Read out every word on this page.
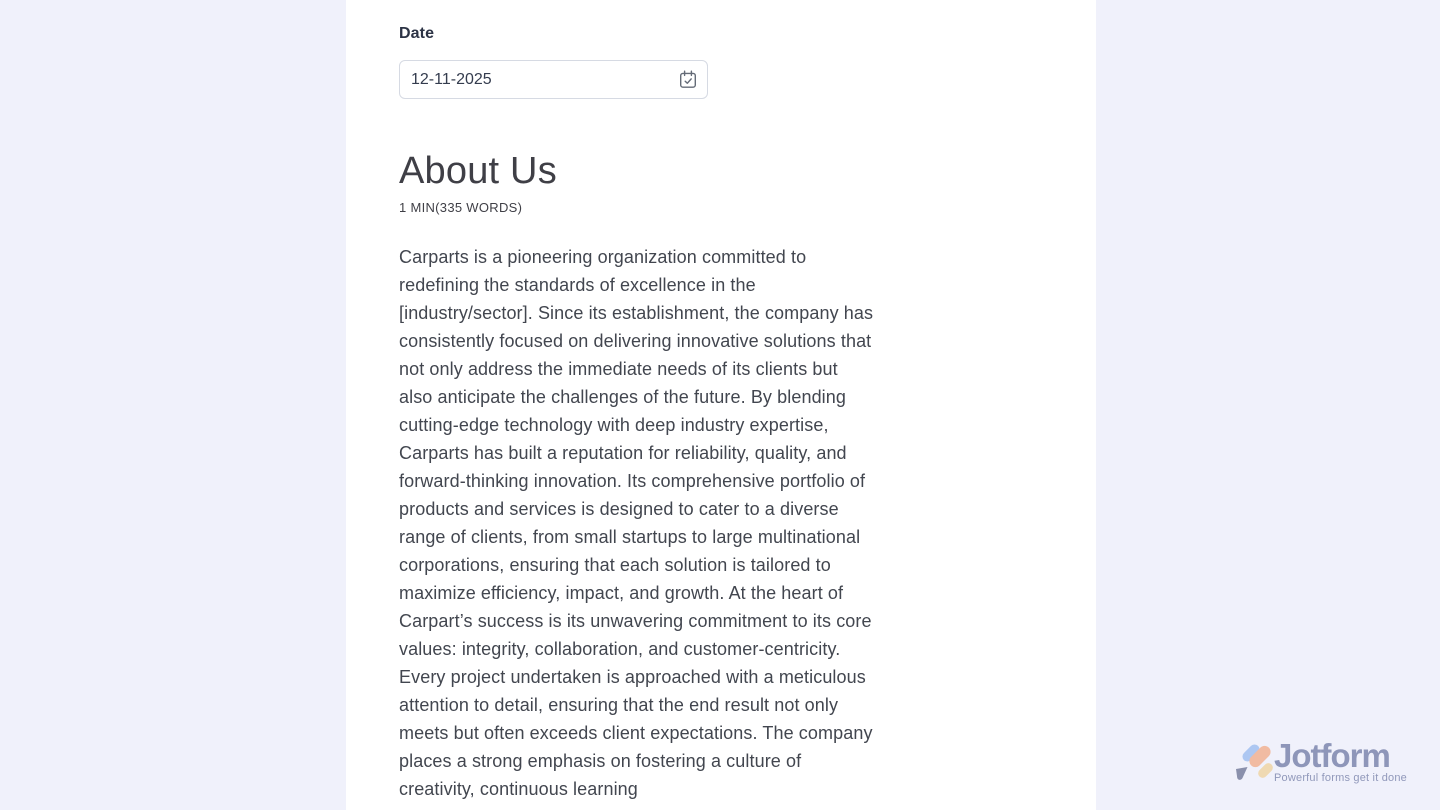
Date
12-11-2025
About Us
1 MIN(335 WORDS)

Carparts is a pioneering organization committed to redefining the standards of excellence in the [industry/sector]. Since its establishment, the company has consistently focused on delivering innovative solutions that not only address the immediate needs of its clients but also anticipate the challenges of the future. By blending cutting-edge technology with deep industry expertise, Carparts has built a reputation for reliability, quality, and forward-thinking innovation. Its comprehensive portfolio of products and services is designed to cater to a diverse range of clients, from small startups to large multinational corporations, ensuring that each solution is tailored to maximize efficiency, impact, and growth. At the heart of Carpart’s success is its unwavering commitment to its core values: integrity, collaboration, and customer-centricity. Every project undertaken is approached with a meticulous attention to detail, ensuring that the end result not only meets but often exceeds client expectations. The company places a strong emphasis on fostering a culture of creativity, continuous learning

Jotform
Powerful forms get it done
